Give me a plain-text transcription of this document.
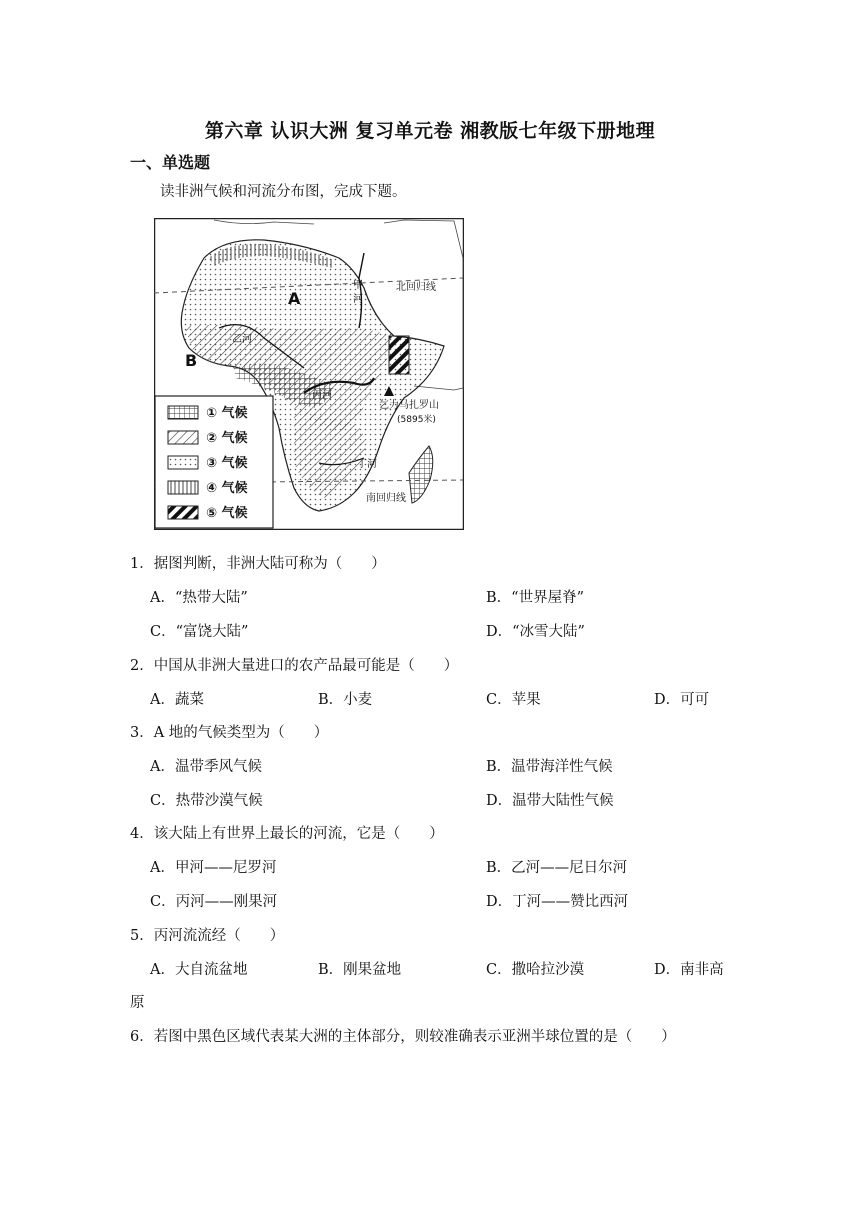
第六章 认识大洲 复习单元卷 湘教版七年级下册地理
一、单选题
读非洲气候和河流分布图，完成下题。
① 气候
② 气候
③ 气候
④ 气候
⑤ 气候
A
B
甲
河
乙河
丙河
丁河
北回归线
南回归线
乞力马扎罗山
(5895米)
1．据图判断，非洲大陆可称为（　　）
A．“热带大陆”	B．“世界屋脊”
C．“富饶大陆”	D．“冰雪大陆”
2．中国从非洲大量进口的农产品最可能是（　　）
A．蔬菜	B．小麦	C．苹果	D．可可
3．A 地的气候类型为（　　）
A．温带季风气候	B．温带海洋性气候
C．热带沙漠气候	D．温带大陆性气候
4．该大陆上有世界上最长的河流，它是（　　）
A．甲河——尼罗河	B．乙河——尼日尔河
C．丙河——刚果河	D．丁河——赞比西河
5．丙河流流经（　　）
A．大自流盆地	B．刚果盆地	C．撒哈拉沙漠	D．南非高
原
6．若图中黑色区域代表某大洲的主体部分，则较准确表示亚洲半球位置的是（　　）
